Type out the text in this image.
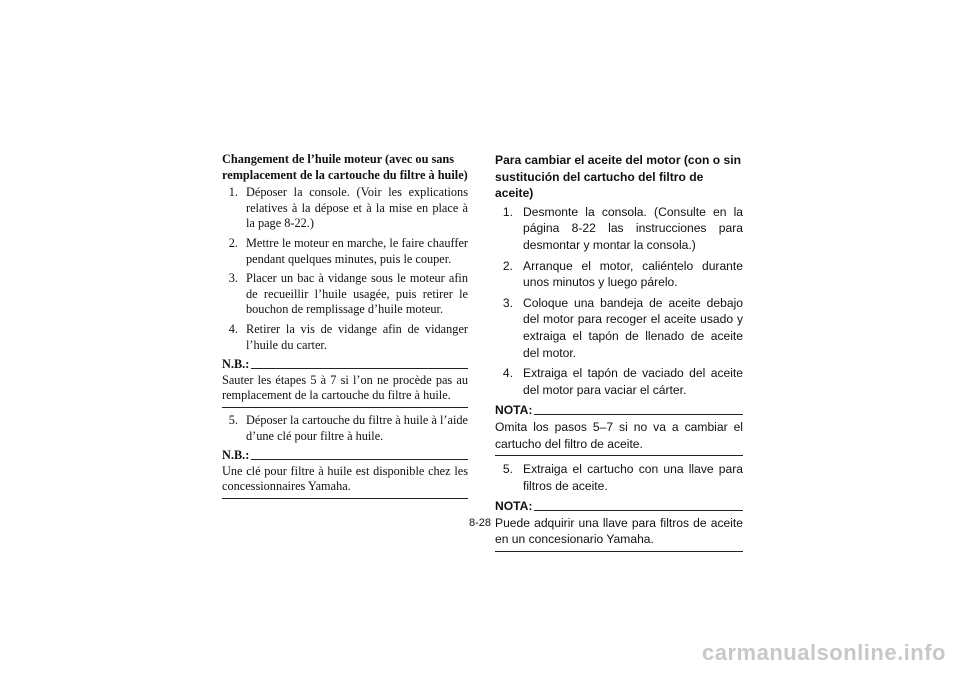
Changement de l’huile moteur (avec ou sans remplacement de la cartouche du filtre à huile)

1. Déposer la console. (Voir les explications relatives à la dépose et à la mise en place à la page 8-22.)
2. Mettre le moteur en marche, le faire chauffer pendant quelques minutes, puis le couper.
3. Placer un bac à vidange sous le moteur afin de recueillir l’huile usagée, puis retirer le bouchon de remplissage d’huile moteur.
4. Retirer la vis de vidange afin de vidanger l’huile du carter.
N.B.:
Sauter les étapes 5 à 7 si l’on ne procède pas au remplacement de la cartouche du filtre à huile.
5. Déposer la cartouche du filtre à huile à l’aide d’une clé pour filtre à huile.
N.B.:
Une clé pour filtre à huile est disponible chez les concessionnaires Yamaha.

Para cambiar el aceite del motor (con o sin sustitución del cartucho del filtro de aceite)

1. Desmonte la consola. (Consulte en la página 8-22 las instrucciones para desmontar y montar la consola.)
2. Arranque el motor, caliéntelo durante unos minutos y luego párelo.
3. Coloque una bandeja de aceite debajo del motor para recoger el aceite usado y extraiga el tapón de llenado de aceite del motor.
4. Extraiga el tapón de vaciado del aceite del motor para vaciar el cárter.
NOTA:
Omita los pasos 5–7 si no va a cambiar el cartucho del filtro de aceite.
5. Extraiga el cartucho con una llave para filtros de aceite.
NOTA:
Puede adquirir una llave para filtros de aceite en un concesionario Yamaha.
8-28
carmanualsonline.info
